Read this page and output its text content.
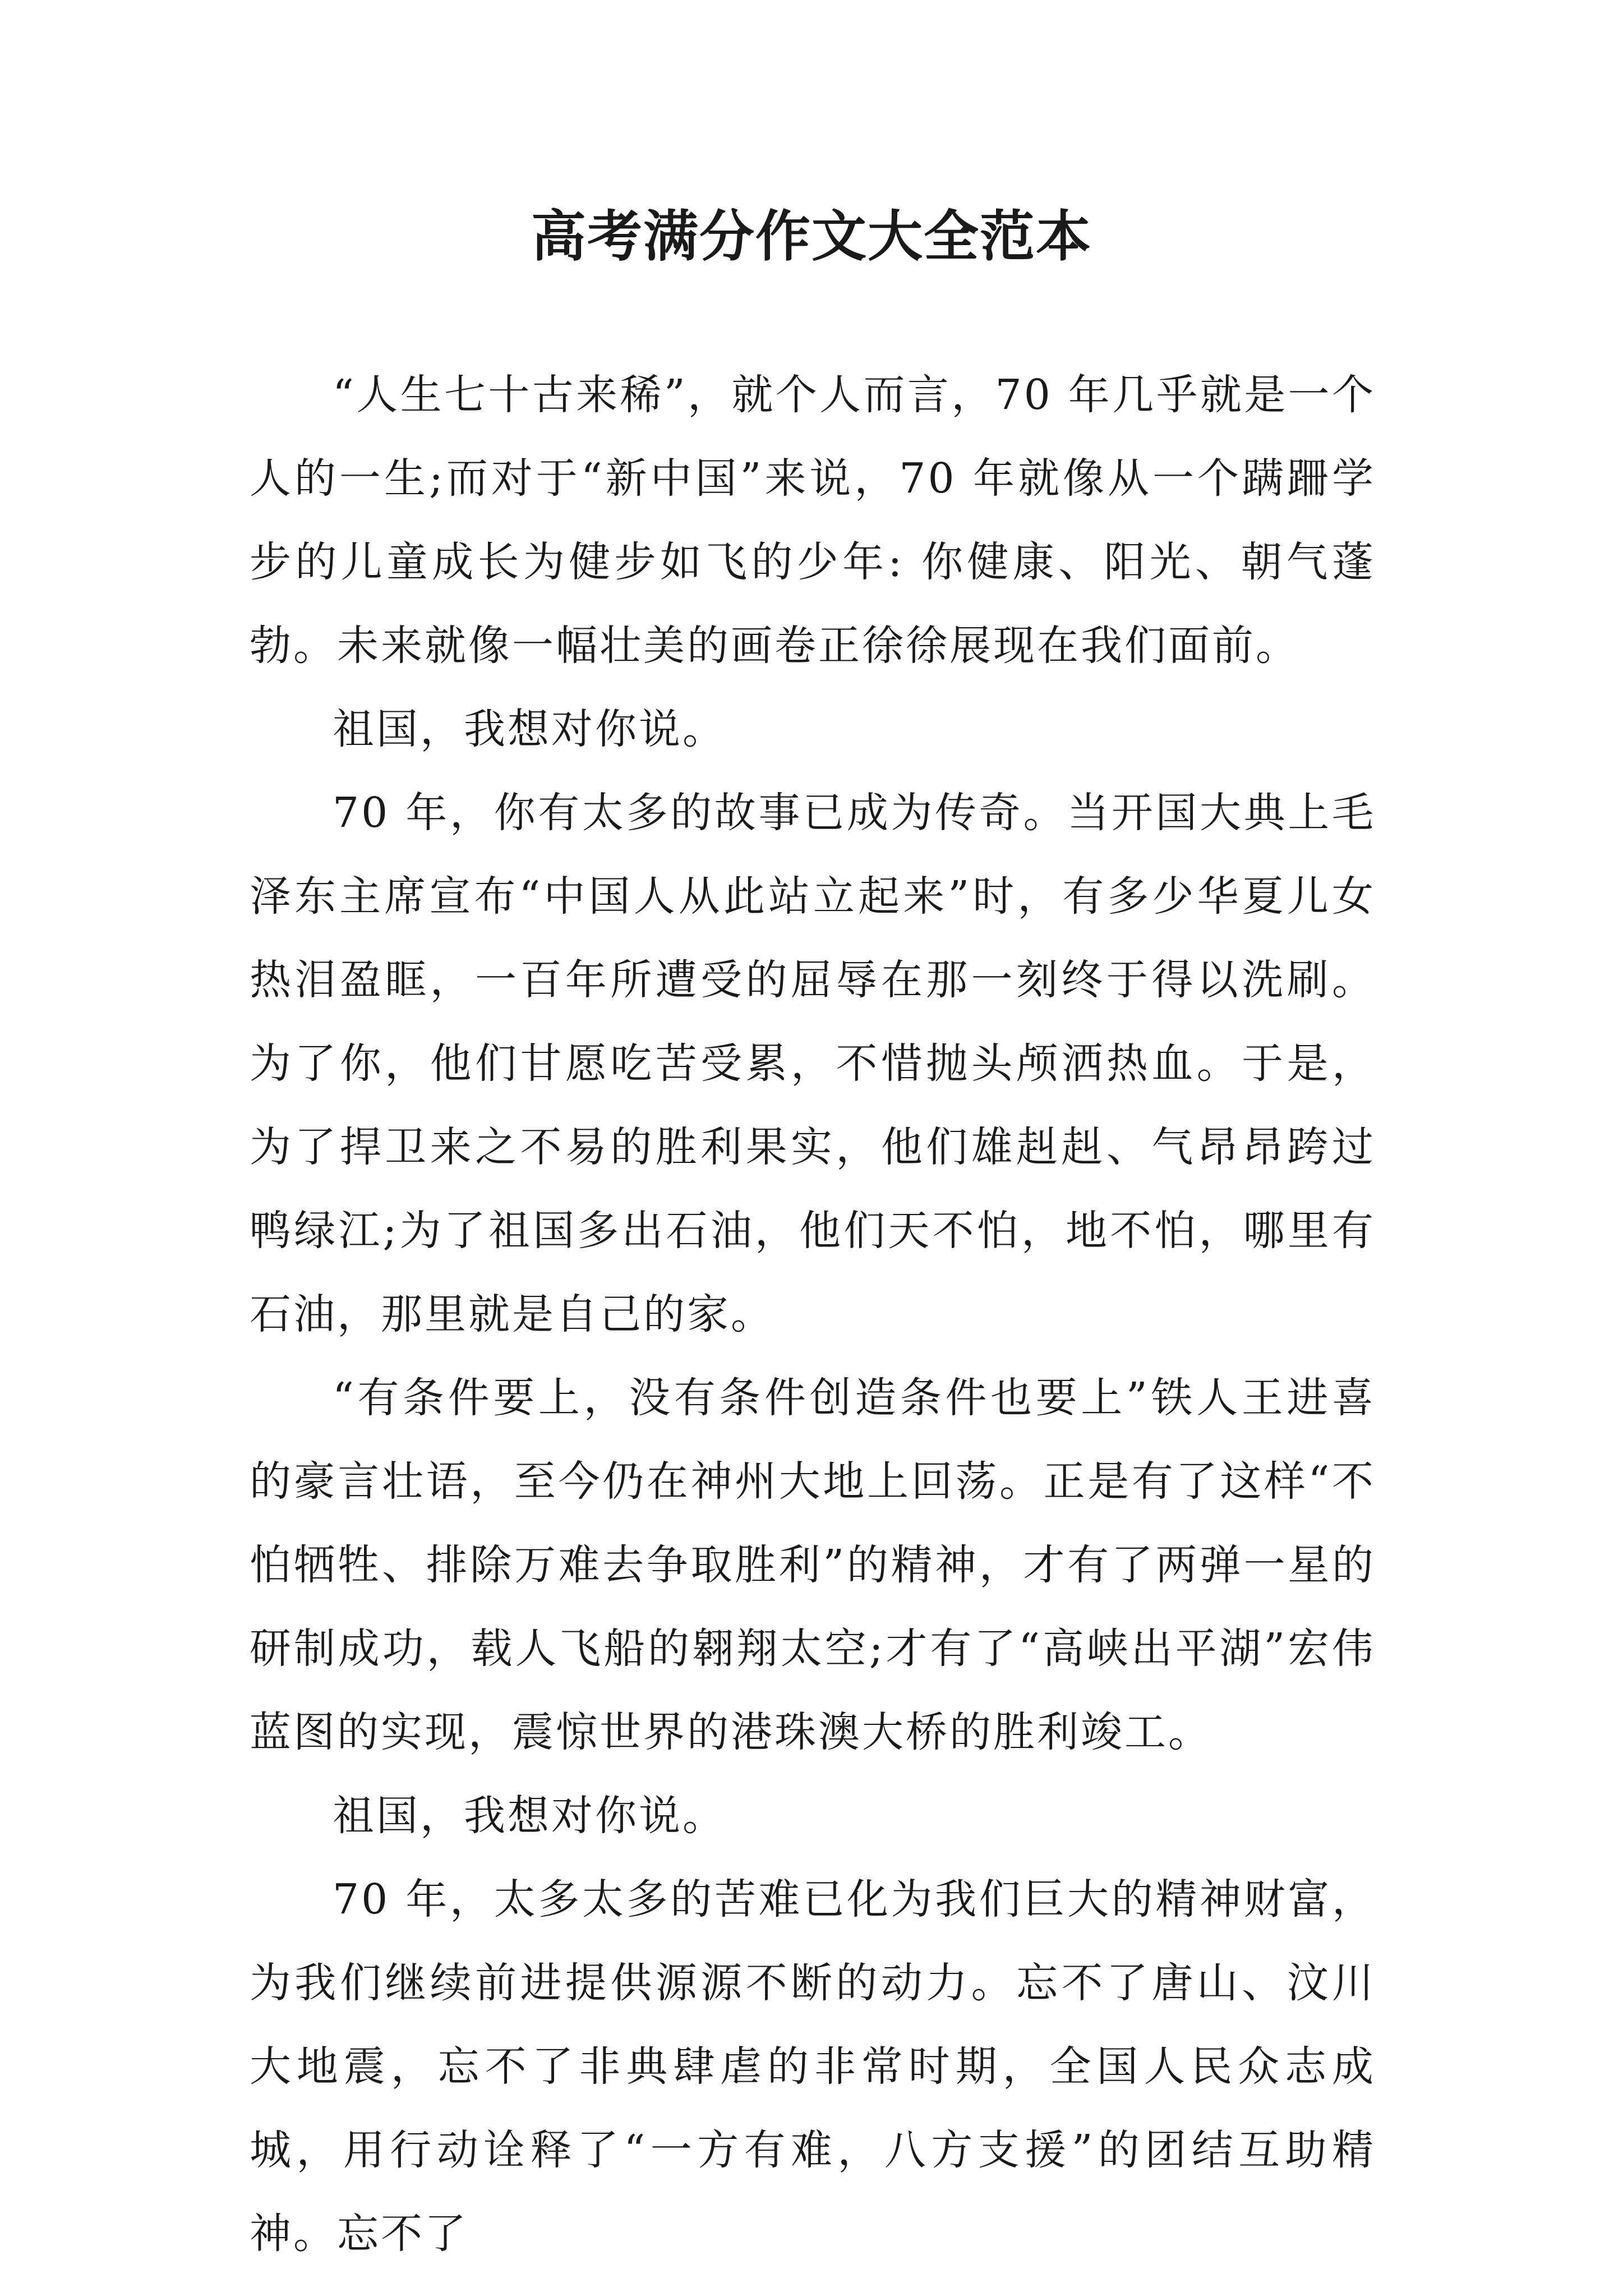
高考满分作文大全范本

“人生七十古来稀”，就个人而言，70 年几乎就是一个人的一生;而对于“新中国”来说，70 年就像从一个蹒跚学步的儿童成长为健步如飞的少年: 你健康、阳光、朝气蓬勃。未来就像一幅壮美的画卷正徐徐展现在我们面前。

祖国，我想对你说。

70 年，你有太多的故事已成为传奇。当开国大典上毛泽东主席宣布“中国人从此站立起来”时，有多少华夏儿女热泪盈眶，一百年所遭受的屈辱在那一刻终于得以洗刷。为了你，他们甘愿吃苦受累，不惜抛头颅洒热血。于是，为了捍卫来之不易的胜利果实，他们雄赳赳、气昂昂跨过鸭绿江;为了祖国多出石油，他们天不怕，地不怕，哪里有石油，那里就是自己的家。

“有条件要上，没有条件创造条件也要上”铁人王进喜的豪言壮语，至今仍在神州大地上回荡。正是有了这样“不怕牺牲、排除万难去争取胜利”的精神，才有了两弹一星的研制成功，载人飞船的翱翔太空;才有了“高峡出平湖”宏伟蓝图的实现，震惊世界的港珠澳大桥的胜利竣工。

祖国，我想对你说。

70 年，太多太多的苦难已化为我们巨大的精神财富，为我们继续前进提供源源不断的动力。忘不了唐山、汶川大地震，忘不了非典肆虐的非常时期，全国人民众志成城，用行动诠释了“一方有难，八方支援”的团结互助精神。忘不了
